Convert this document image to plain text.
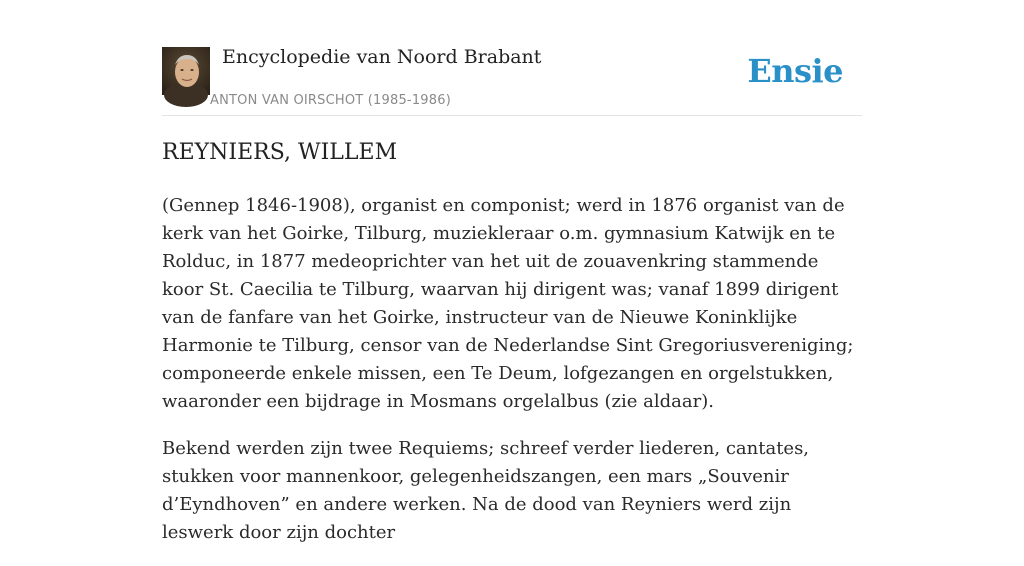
Encyclopedie van Noord Brabant
ANTON VAN OIRSCHOT (1985-1986)
Ensie
REYNIERS, WILLEM

(Gennep 1846-1908), organist en componist; werd in 1876 organist van de kerk van het Goirke, Tilburg, muziekleraar o.m. gymnasium Katwijk en te Rolduc, in 1877 medeoprichter van het uit de zouavenkring stammende koor St. Caecilia te Tilburg, waarvan hij dirigent was; vanaf 1899 dirigent van de fanfare van het Goirke, instructeur van de Nieuwe Koninklijke Harmonie te Tilburg, censor van de Nederlandse Sint Gregoriusvereniging; componeerde enkele missen, een Te Deum, lofgezangen en orgelstukken, waaronder een bijdrage in Mosmans orgelalbus (zie aldaar).

Bekend werden zijn twee Requiems; schreef verder liederen, cantates, stukken voor mannenkoor, gelegenheidszangen, een mars „Souvenir d’Eyndhoven” en andere werken. Na de dood van Reyniers werd zijn leswerk door zijn dochter
